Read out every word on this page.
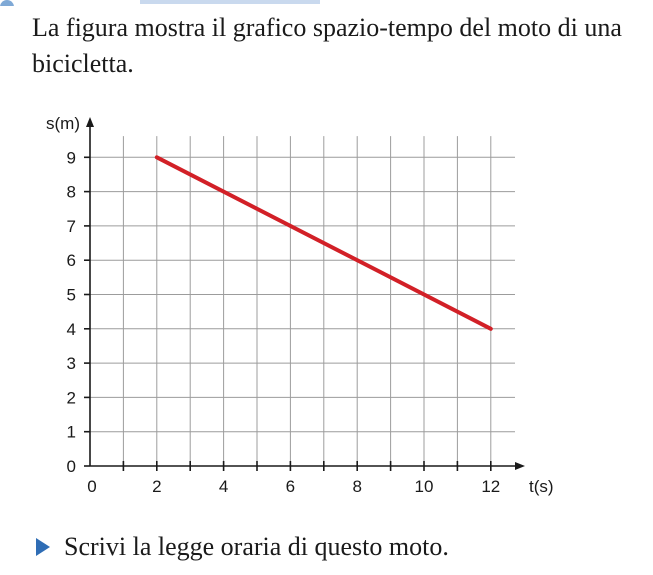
La figura mostra il grafico spazio-tempo del moto di una bicicletta.
0
1
2
3
4
5
6
7
8
9
0	2	4	6	8	10	12
s(m)
t(s)
Scrivi la legge oraria di questo moto.
